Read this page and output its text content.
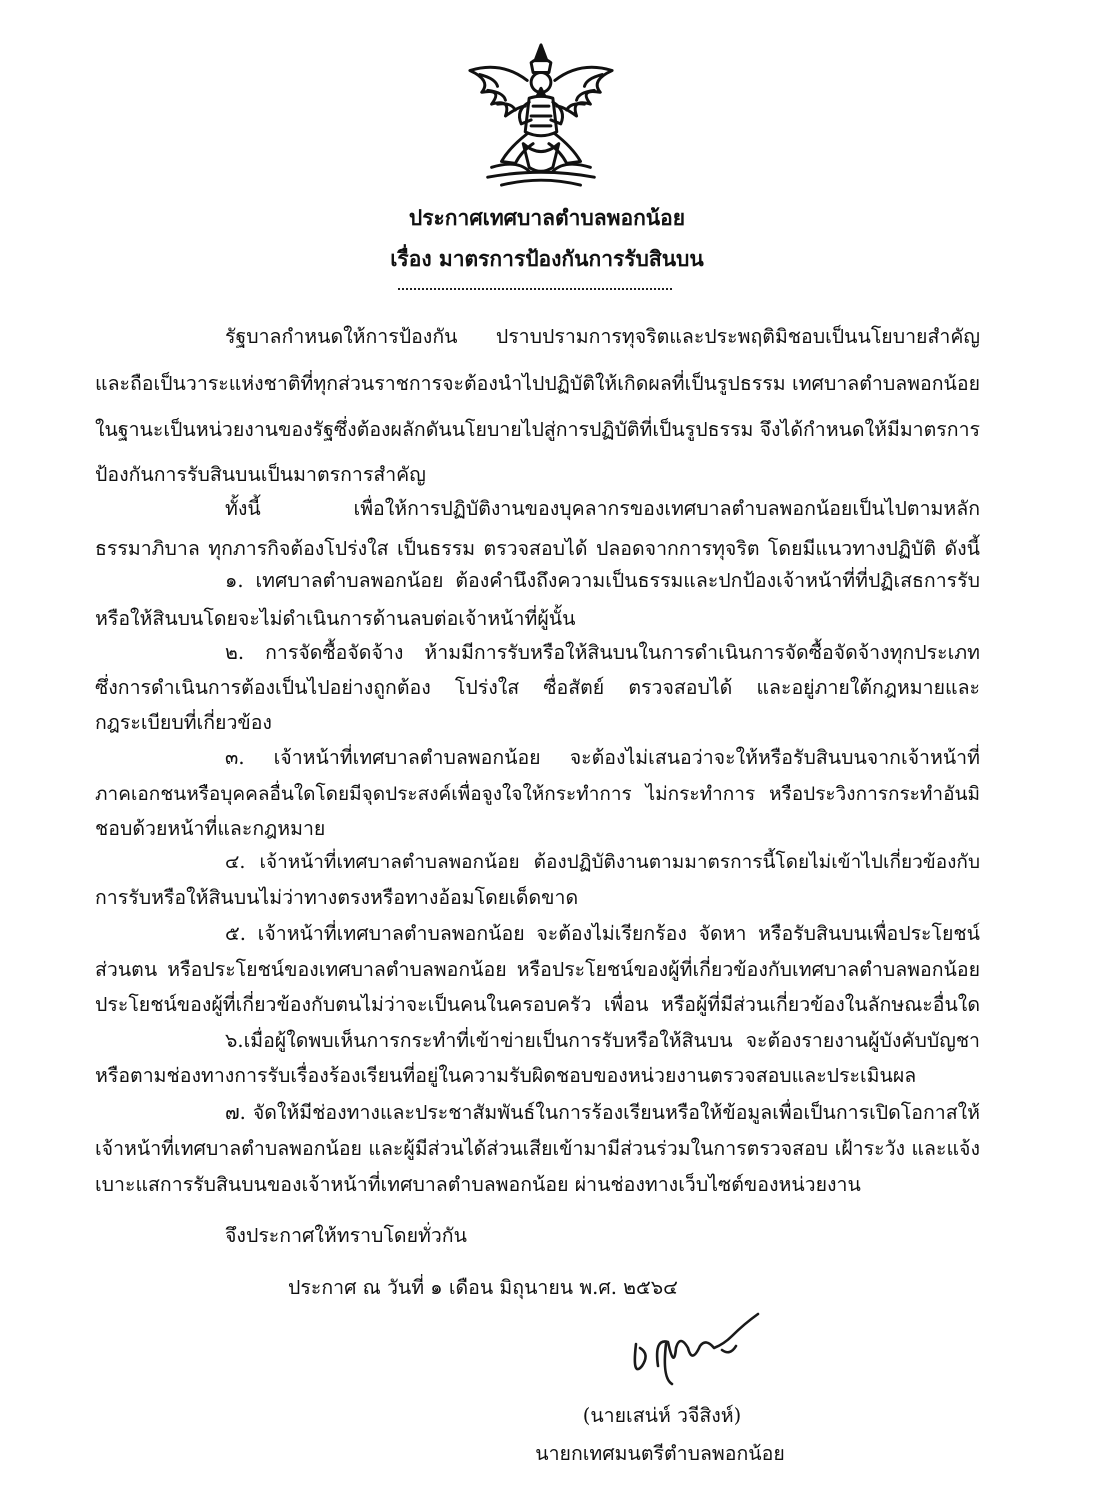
ประกาศเทศบาลตำบลพอกน้อย
เรื่อง มาตรการป้องกันการรับสินบน
รัฐบาลกำหนดให้การป้องกัน ปราบปรามการทุจริตและประพฤติมิชอบเป็นนโยบายสำคัญ
และถือเป็นวาระแห่งชาติที่ทุกส่วนราชการจะต้องนำไปปฏิบัติให้เกิดผลที่เป็นรูปธรรม เทศบาลตำบลพอกน้อย
ในฐานะเป็นหน่วยงานของรัฐซึ่งต้องผลักดันนโยบายไปสู่การปฏิบัติที่เป็นรูปธรรม จึงได้กำหนดให้มีมาตรการ
ป้องกันการรับสินบนเป็นมาตรการสำคัญ
ทั้งนี้ เพื่อให้การปฏิบัติงานของบุคลากรของเทศบาลตำบลพอกน้อยเป็นไปตามหลัก
ธรรมาภิบาล ทุกภารกิจต้องโปร่งใส เป็นธรรม ตรวจสอบได้ ปลอดจากการทุจริต โดยมีแนวทางปฏิบัติ ดังนี้
๑. เทศบาลตำบลพอกน้อย ต้องคำนึงถึงความเป็นธรรมและปกป้องเจ้าหน้าที่ที่ปฏิเสธการรับ
หรือให้สินบนโดยจะไม่ดำเนินการด้านลบต่อเจ้าหน้าที่ผู้นั้น
๒. การจัดซื้อจัดจ้าง ห้ามมีการรับหรือให้สินบนในการดำเนินการจัดซื้อจัดจ้างทุกประเภท
ซึ่งการดำเนินการต้องเป็นไปอย่างถูกต้อง โปร่งใส ซื่อสัตย์ ตรวจสอบได้ และอยู่ภายใต้กฎหมายและ
กฎระเบียบที่เกี่ยวข้อง
๓. เจ้าหน้าที่เทศบาลตำบลพอกน้อย จะต้องไม่เสนอว่าจะให้หรือรับสินบนจากเจ้าหน้าที่
ภาคเอกชนหรือบุคคลอื่นใดโดยมีจุดประสงค์เพื่อจูงใจให้กระทำการ ไม่กระทำการ หรือประวิงการกระทำอันมิ
ชอบด้วยหน้าที่และกฎหมาย
๔. เจ้าหน้าที่เทศบาลตำบลพอกน้อย ต้องปฏิบัติงานตามมาตรการนี้โดยไม่เข้าไปเกี่ยวข้องกับ
การรับหรือให้สินบนไม่ว่าทางตรงหรือทางอ้อมโดยเด็ดขาด
๕. เจ้าหน้าที่เทศบาลตำบลพอกน้อย จะต้องไม่เรียกร้อง จัดหา หรือรับสินบนเพื่อประโยชน์
ส่วนตน หรือประโยชน์ของเทศบาลตำบลพอกน้อย หรือประโยชน์ของผู้ที่เกี่ยวข้องกับเทศบาลตำบลพอกน้อย
ประโยชน์ของผู้ที่เกี่ยวข้องกับตนไม่ว่าจะเป็นคนในครอบครัว เพื่อน หรือผู้ที่มีส่วนเกี่ยวข้องในลักษณะอื่นใด
๖.เมื่อผู้ใดพบเห็นการกระทำที่เข้าข่ายเป็นการรับหรือให้สินบน จะต้องรายงานผู้บังคับบัญชา
หรือตามช่องทางการรับเรื่องร้องเรียนที่อยู่ในความรับผิดชอบของหน่วยงานตรวจสอบและประเมินผล
๗. จัดให้มีช่องทางและประชาสัมพันธ์ในการร้องเรียนหรือให้ข้อมูลเพื่อเป็นการเปิดโอกาสให้
เจ้าหน้าที่เทศบาลตำบลพอกน้อย และผู้มีส่วนได้ส่วนเสียเข้ามามีส่วนร่วมในการตรวจสอบ เฝ้าระวัง และแจ้ง
เบาะแสการรับสินบนของเจ้าหน้าที่เทศบาลตำบลพอกน้อย ผ่านช่องทางเว็บไซต์ของหน่วยงาน
จึงประกาศให้ทราบโดยทั่วกัน
ประกาศ ณ วันที่ ๑ เดือน มิถุนายน พ.ศ. ๒๕๖๔
(นายเสน่ห์ วจีสิงห์)
นายกเทศมนตรีตำบลพอกน้อย
